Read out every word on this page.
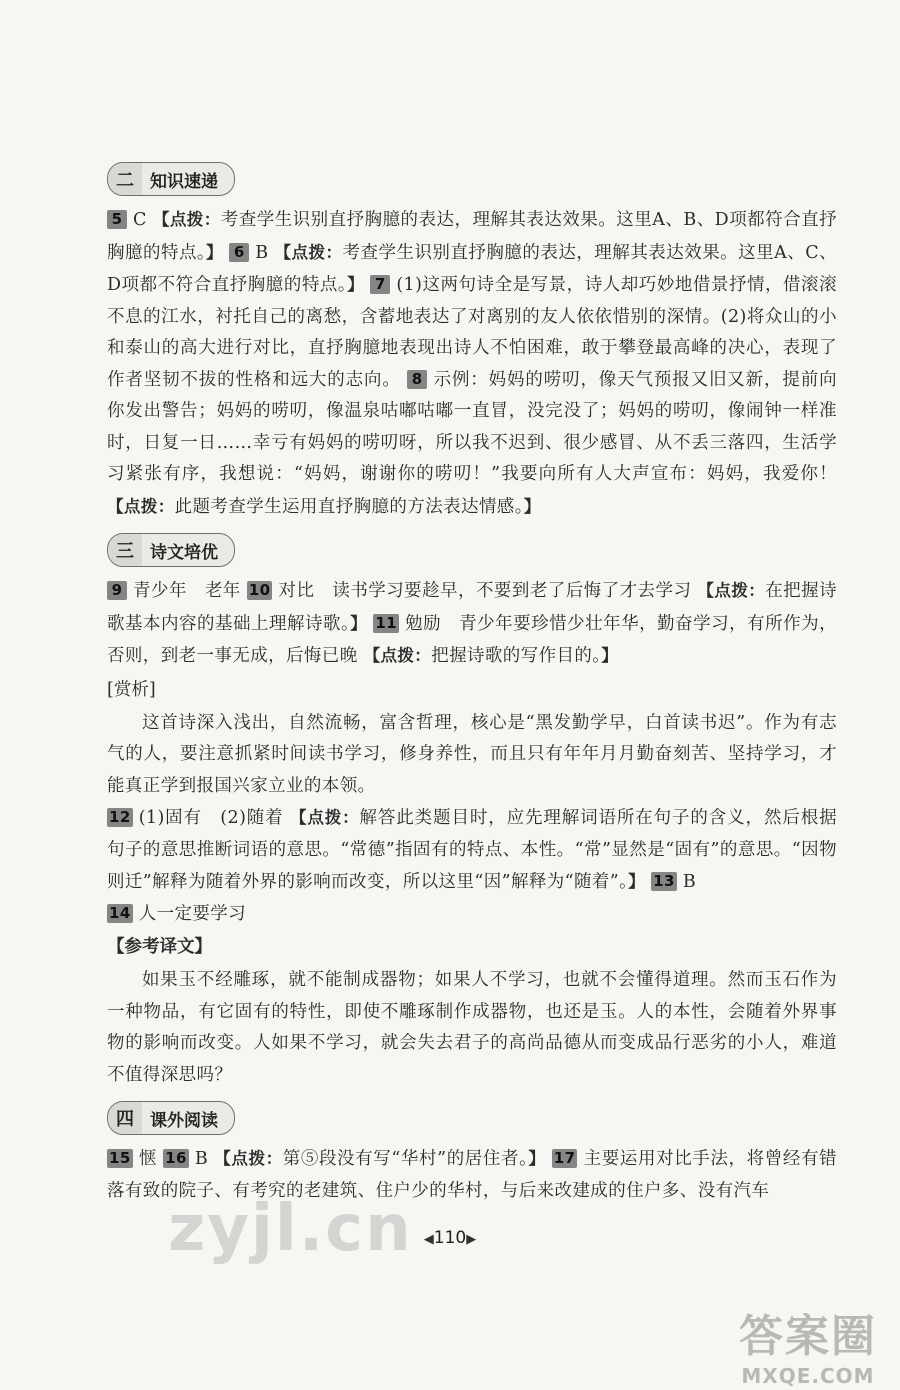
二 知识速递

5 C 【点拨：考查学生识别直抒胸臆的表达，理解其表达效果。这里A、B、D项都符合直抒胸臆的特点。】 6 B 【点拨：考查学生识别直抒胸臆的表达，理解其表达效果。这里A、C、D项都不符合直抒胸臆的特点。】 7 (1)这两句诗全是写景，诗人却巧妙地借景抒情，借滚滚不息的江水，衬托自己的离愁，含蓄地表达了对离别的友人依依惜别的深情。(2)将众山的小和泰山的高大进行对比，直抒胸臆地表现出诗人不怕困难，敢于攀登最高峰的决心，表现了作者坚韧不拔的性格和远大的志向。 8 示例：妈妈的唠叨，像天气预报又旧又新，提前向你发出警告；妈妈的唠叨，像温泉咕嘟咕嘟一直冒，没完没了；妈妈的唠叨，像闹钟一样准时，日复一日……幸亏有妈妈的唠叨呀，所以我不迟到、很少感冒、从不丢三落四，生活学习紧张有序，我想说：“妈妈，谢谢你的唠叨！”我要向所有人大声宣布：妈妈，我爱你！ 【点拨：此题考查学生运用直抒胸臆的方法表达情感。】

三 诗文培优

9 青少年　老年 10 对比　读书学习要趁早，不要到老了后悔了才去学习 【点拨：在把握诗歌基本内容的基础上理解诗歌。】 11 勉励　青少年要珍惜少壮年华，勤奋学习，有所作为，否则，到老一事无成，后悔已晚 【点拨：把握诗歌的写作目的。】

[赏析]

这首诗深入浅出，自然流畅，富含哲理，核心是“黑发勤学早，白首读书迟”。作为有志气的人，要注意抓紧时间读书学习，修身养性，而且只有年年月月勤奋刻苦、坚持学习，才能真正学到报国兴家立业的本领。

12 (1)固有　(2)随着 【点拨：解答此类题目时，应先理解词语所在句子的含义，然后根据句子的意思推断词语的意思。“常德”指固有的特点、本性。“常”显然是“固有”的意思。“因物则迁”解释为随着外界的影响而改变，所以这里“因”解释为“随着”。】 13 B

14 人一定要学习

【参考译文】

如果玉不经雕琢，就不能制成器物；如果人不学习，也就不会懂得道理。然而玉石作为一种物品，有它固有的特性，即使不雕琢制作成器物，也还是玉。人的本性，会随着外界事物的影响而改变。人如果不学习，就会失去君子的高尚品德从而变成品行恶劣的小人，难道不值得深思吗？

四 课外阅读

15 惬 16 B 【点拨：第⑤段没有写“华村”的居住者。】 17 主要运用对比手法，将曾经有错落有致的院子、有考究的老建筑、住户少的华村，与后来改建成的住户多、没有汽车

◀110▶
zyjl.cn
答案圈
MXQE.COM
